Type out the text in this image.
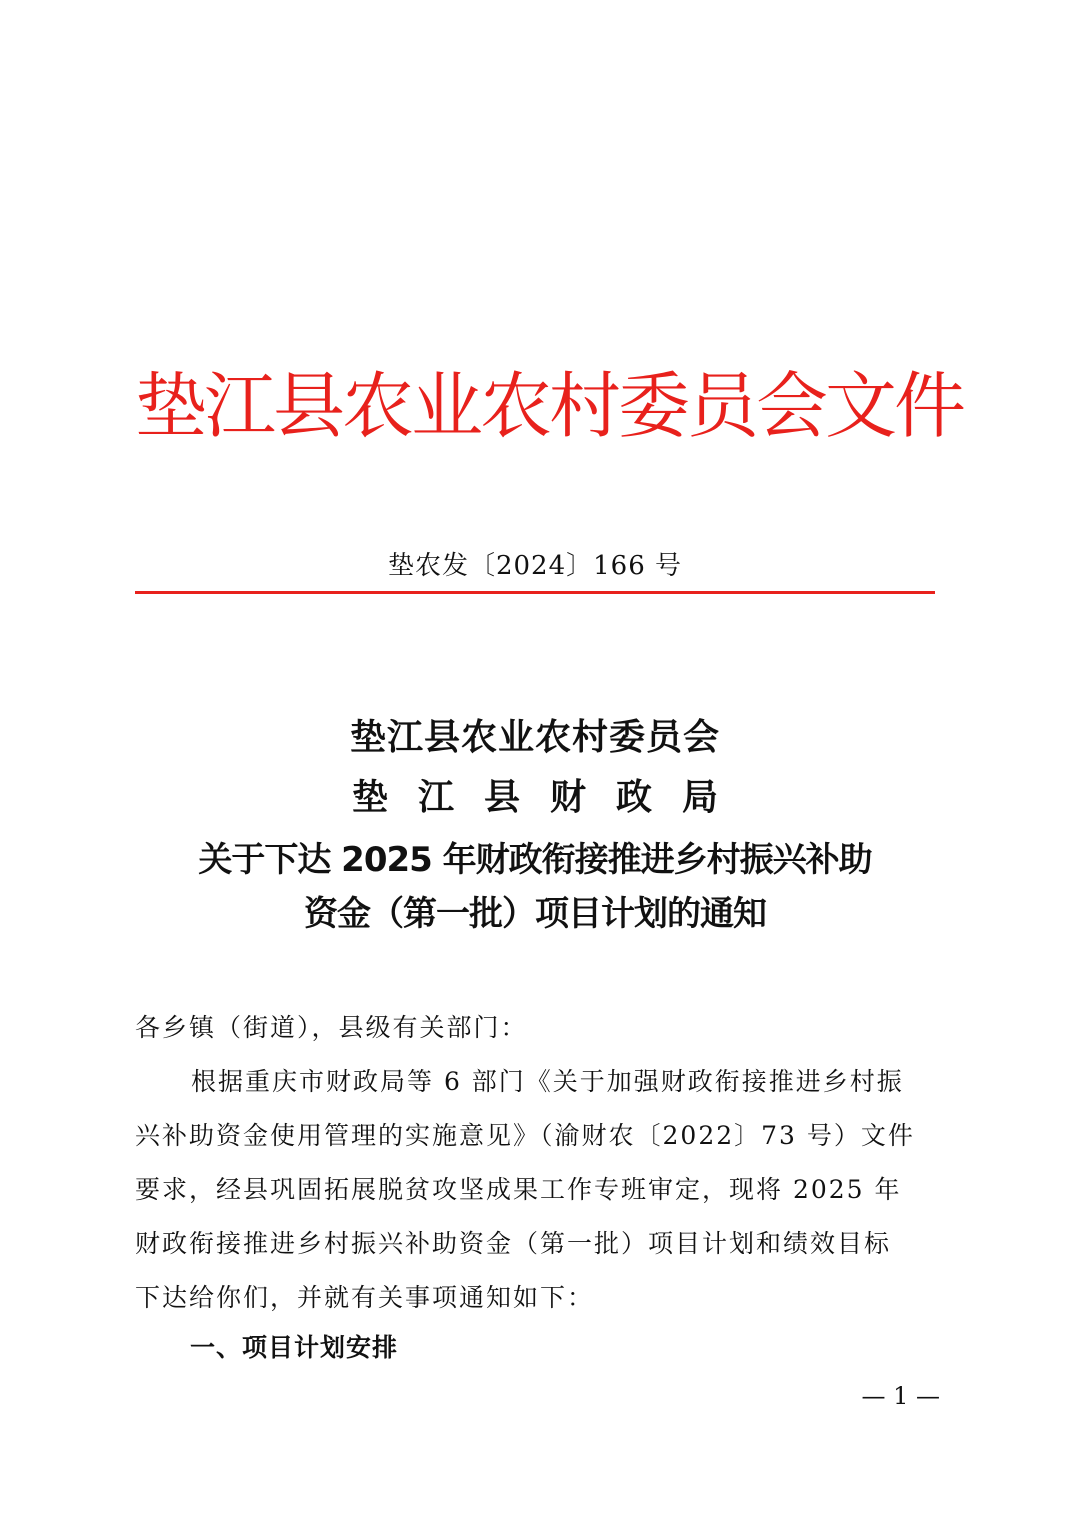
垫江县农业农村委员会文件
垫农发〔2024〕166 号
垫江县农业农村委员会
垫江县财政局
关于下达 2025 年财政衔接推进乡村振兴补助
资金（第一批）项目计划的通知
各乡镇（街道），县级有关部门：
根据重庆市财政局等 6 部门《关于加强财政衔接推进乡村振
兴补助资金使用管理的实施意见》（渝财农〔2022〕73 号）文件
要求，经县巩固拓展脱贫攻坚成果工作专班审定，现将 2025 年
财政衔接推进乡村振兴补助资金（第一批）项目计划和绩效目标
下达给你们，并就有关事项通知如下：
一、项目计划安排
— 1 —
